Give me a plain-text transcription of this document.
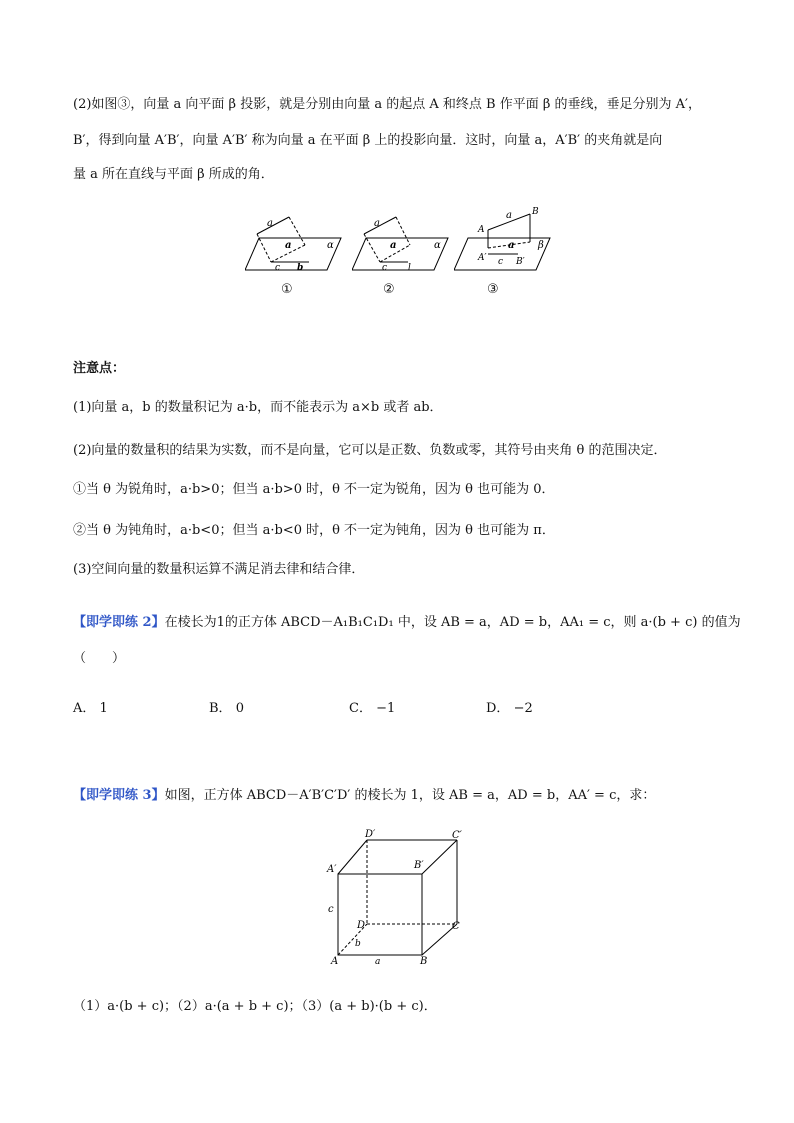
(2)如图③，向量 a 向平面 β 投影，就是分别由向量 a 的起点 A 和终点 B 作平面 β 的垂线，垂足分别为 A′，
B′，得到向量 A′B′，向量 A′B′ 称为向量 a 在平面 β 上的投影向量．这时，向量 a，A′B′ 的夹角就是向
量 a 所在直线与平面 β 所成的角．
a
a
c b
α
①
a
a
c l
α
②
a B
A
a
c
A′	B′
β
③
注意点：
(1)向量 a，b 的数量积记为 a·b，而不能表示为 a×b 或者 ab．
(2)向量的数量积的结果为实数，而不是向量，它可以是正数、负数或零，其符号由夹角 θ 的范围决定．
①当 θ 为锐角时，a·b>0；但当 a·b>0 时，θ 不一定为锐角，因为 θ 也可能为 0．
②当 θ 为钝角时，a·b<0；但当 a·b<0 时，θ 不一定为钝角，因为 θ 也可能为 π．
(3)空间向量的数量积运算不满足消去律和结合律．
【即学即练 2】在棱长为1的正方体 ABCD－A₁B₁C₁D₁ 中，设 AB = a，AD = b，AA₁ = c，则 a·(b + c) 的值为
（　　）
A． 1	B． 0	C． −1	D． −2
【即学即练 3】如图，正方体 ABCD－A′B′C′D′ 的棱长为 1，设 AB = a，AD = b，AA′ = c，求：
D′	C′
A′	B′
D	C
A	B
c
b
a
（1）a·(b + c)；（2）a·(a + b + c)；（3）(a + b)·(b + c)．
